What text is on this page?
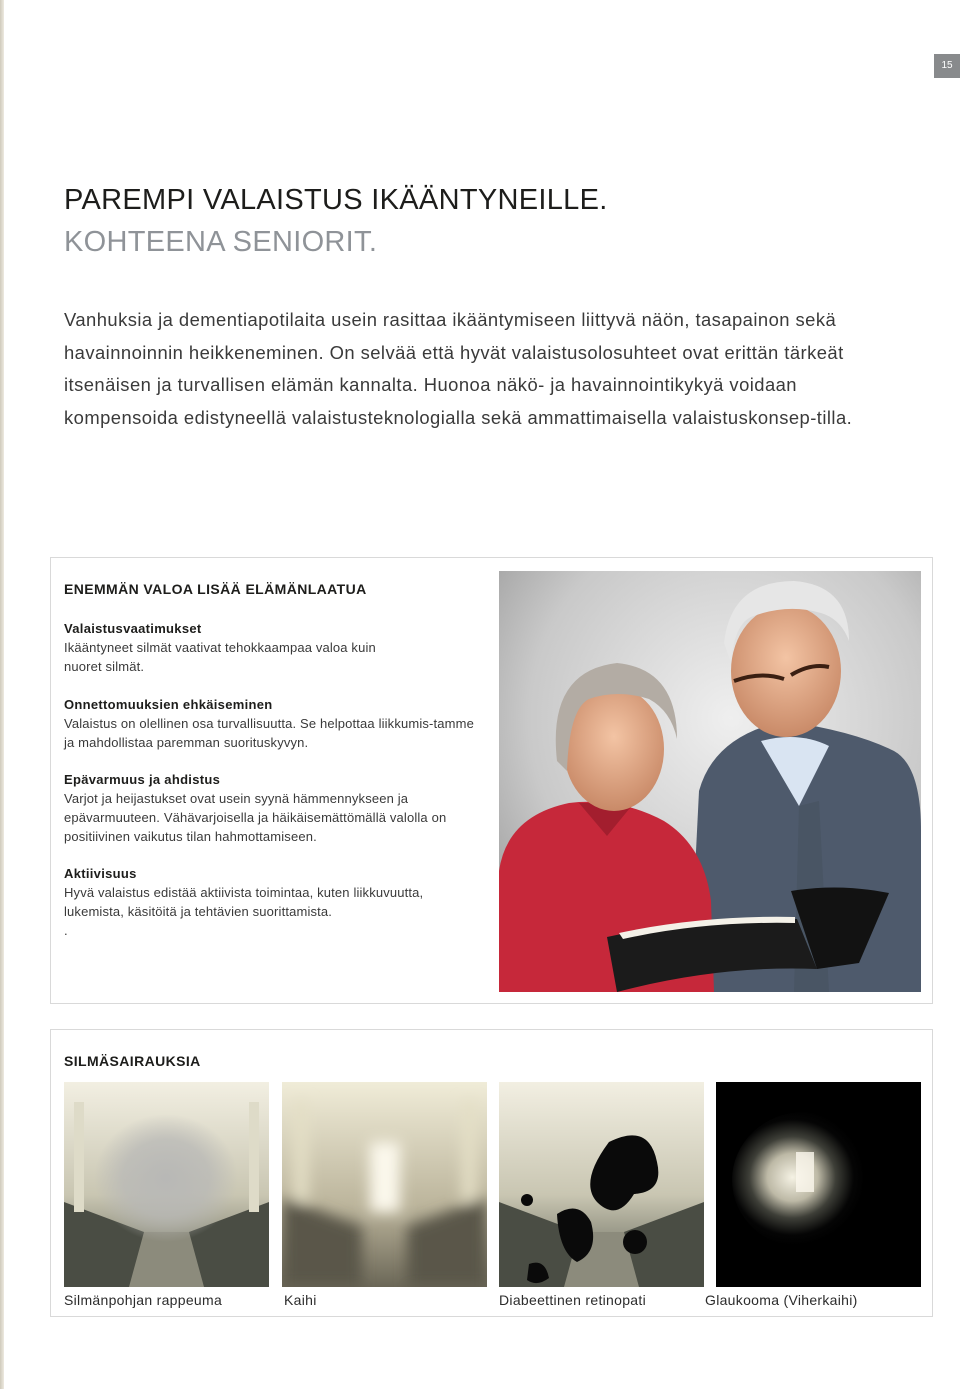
15
PAREMPI VALAISTUS IKÄÄNTYNEILLE.
KOHTEENA SENIORIT.

Vanhuksia ja dementiapotilaita usein rasittaa ikääntymiseen liittyvä näön, tasapainon sekä havainnoinnin heikkeneminen. On selvää että hyvät valaistusolosuhteet ovat erittän tärkeät itsenäisen ja turvallisen elämän kannalta. Huonoa näkö- ja havainnointikykyä voidaan kompensoida edistyneellä valaistusteknologialla sekä ammattimaisella valaistuskonsep-tilla.

ENEMMÄN VALOA LISÄÄ ELÄMÄNLAATUA
Valaistusvaatimukset
Ikääntyneet silmät vaativat tehokkaampaa valoa kuin nuoret silmät.
Onnettomuuksien ehkäiseminen
Valaistus on olellinen osa turvallisuutta. Se helpottaa liikkumis-tamme ja mahdollistaa paremman suorituskyvyn.
Epävarmuus ja ahdistus
Varjot ja heijastukset ovat usein syynä hämmennykseen ja epävarmuuteen. Vähävarjoisella ja häikäisemättömällä valolla on positiivinen vaikutus tilan hahmottamiseen.
Aktiivisuus
Hyvä valaistus edistää aktiivista toimintaa, kuten liikkuvuutta, lukemista, käsitöitä ja tehtävien suorittamista.
.
SILMÄSAIRAUKSIA
Silmänpohjan rappeuma	Kaihi	Diabeettinen retinopati	Glaukooma (Viherkaihi)
